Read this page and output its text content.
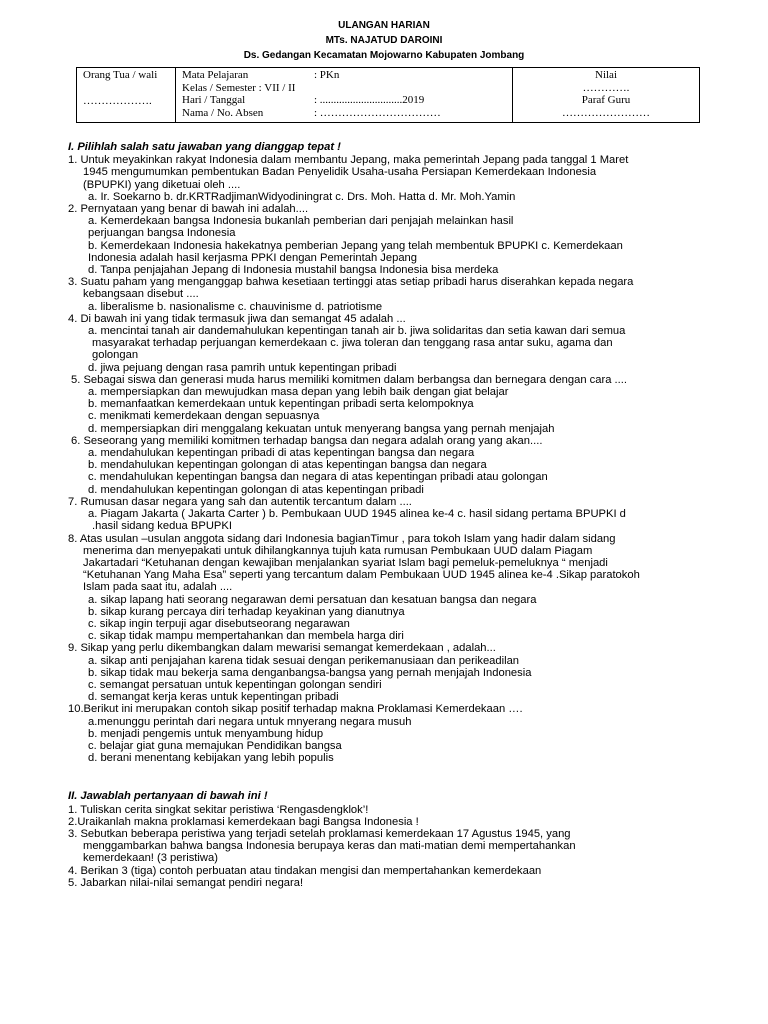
ULANGAN HARIAN
MTs. NAJATUD DAROINI
Ds. Gedangan Kecamatan Mojowarno Kabupaten Jombang
Orang Tua / wali
……………….

Mata Pelajaran	: PKn
Kelas / Semester : VII / II
Hari / Tanggal	: ..............................2019
Nama / No. Absen	: ……………………………

Nilai
………….
Paraf Guru
……………………

I. Pilihlah salah satu jawaban yang dianggap tepat !

1. Untuk meyakinkan rakyat Indonesia dalam membantu Jepang, maka pemerintah Jepang pada tanggal 1 Maret

1945 mengumumkan pembentukan Badan Penyelidik Usaha-usaha Persiapan Kemerdekaan Indonesia

(BPUPKI) yang diketuai oleh ....

a. Ir. Soekarno b. dr.KRTRadjimanWidyodiningrat c. Drs. Moh. Hatta d. Mr. Moh.Yamin

2. Pernyataan yang benar di bawah ini adalah....

a. Kemerdekaan bangsa Indonesia bukanlah pemberian dari penjajah melainkan hasil

perjuangan bangsa Indonesia

b. Kemerdekaan Indonesia hakekatnya pemberian Jepang yang telah membentuk BPUPKI c. Kemerdekaan

Indonesia adalah hasil kerjasma PPKI dengan Pemerintah Jepang

d. Tanpa penjajahan Jepang di Indonesia mustahil bangsa Indonesia bisa merdeka

3. Suatu paham yang menganggap bahwa kesetiaan tertinggi atas setiap pribadi harus diserahkan kepada negara

kebangsaan disebut ....

a. liberalisme b. nasionalisme c. chauvinisme d. patriotisme

4. Di bawah ini yang tidak termasuk jiwa dan semangat 45 adalah ...

a. mencintai tanah air dandemahulukan kepentingan tanah air b. jiwa solidaritas dan setia kawan dari semua

masyarakat terhadap perjuangan kemerdekaan c. jiwa toleran dan tenggang rasa antar suku, agama dan

golongan

d. jiwa pejuang dengan rasa pamrih untuk kepentingan pribadi

5. Sebagai siswa dan generasi muda harus memiliki komitmen dalam berbangsa dan bernegara dengan cara ....

a. mempersiapkan dan mewujudkan masa depan yang lebih baik dengan giat belajar

b. memanfaatkan kemerdekaan untuk kepentingan pribadi serta kelompoknya

c. menikmati kemerdekaan dengan sepuasnya

d. mempersiapkan diri menggalang kekuatan untuk menyerang bangsa yang pernah menjajah

6. Seseorang yang memiliki komitmen terhadap bangsa dan negara adalah orang yang akan....

a. mendahulukan kepentingan pribadi di atas kepentingan bangsa dan negara

b. mendahulukan kepentingan golongan di atas kepentingan bangsa dan negara

c. mendahulukan kepentingan bangsa dan negara di atas kepentingan pribadi atau golongan

d. mendahulukan kepentingan golongan di atas kepentingan pribadi

7. Rumusan dasar negara yang sah dan autentik tercantum dalam ....

a. Piagam Jakarta ( Jakarta Carter ) b. Pembukaan UUD 1945 alinea ke-4 c. hasil sidang pertama BPUPKI d

.hasil sidang kedua BPUPKI

8. Atas usulan –usulan anggota sidang dari Indonesia bagianTimur , para tokoh Islam yang hadir dalam sidang

menerima dan menyepakati untuk dihilangkannya tujuh kata rumusan Pembukaan UUD dalam Piagam

Jakartadari “Ketuhanan dengan kewajiban menjalankan syariat Islam bagi pemeluk-pemeluknya “ menjadi

“Ketuhanan Yang Maha Esa” seperti yang tercantum dalam Pembukaan UUD 1945 alinea ke-4 .Sikap paratokoh

Islam pada saat itu, adalah ....

a. sikap lapang hati seorang negarawan demi persatuan dan kesatuan bangsa dan negara

b. sikap kurang percaya diri terhadap keyakinan yang dianutnya

c. sikap ingin terpuji agar disebutseorang negarawan

c. sikap tidak mampu mempertahankan dan membela harga diri

9. Sikap yang perlu dikembangkan dalam mewarisi semangat kemerdekaan , adalah...

a. sikap anti penjajahan karena tidak sesuai dengan perikemanusiaan dan perikeadilan

b. sikap tidak mau bekerja sama denganbangsa-bangsa yang pernah menjajah Indonesia

c. semangat persatuan untuk kepentingan golongan sendiri

d. semangat kerja keras untuk kepentingan pribadi

10.Berikut ini merupakan contoh sikap positif terhadap makna Proklamasi Kemerdekaan ….

a.menunggu perintah dari negara untuk mnyerang negara musuh

b. menjadi pengemis untuk menyambung hidup

c. belajar giat guna memajukan Pendidikan bangsa

d. berani menentang kebijakan yang lebih populis

II. Jawablah pertanyaan di bawah ini !

1. Tuliskan cerita singkat sekitar peristiwa ‘Rengasdengklok’!

2.Uraikanlah makna proklamasi kemerdekaan bagi Bangsa Indonesia !

3. Sebutkan beberapa peristiwa yang terjadi setelah proklamasi kemerdekaan 17 Agustus 1945, yang

menggambarkan bahwa bangsa Indonesia berupaya keras dan mati-matian demi mempertahankan

kemerdekaan! (3 peristiwa)

4. Berikan 3 (tiga) contoh perbuatan atau tindakan mengisi dan mempertahankan kemerdekaan

5. Jabarkan nilai-nilai semangat pendiri negara!
